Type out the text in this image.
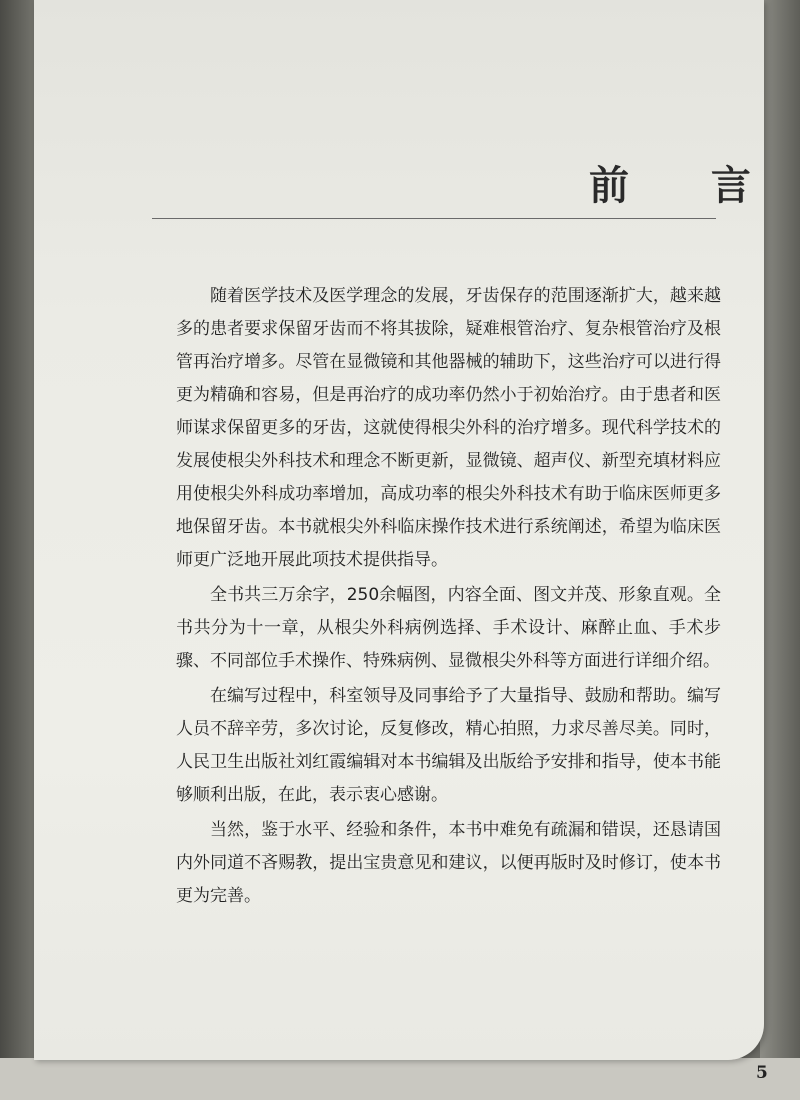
前 言

随着医学技术及医学理念的发展，牙齿保存的范围逐渐扩大，越来越多的患者要求保留牙齿而不将其拔除，疑难根管治疗、复杂根管治疗及根管再治疗增多。尽管在显微镜和其他器械的辅助下，这些治疗可以进行得更为精确和容易，但是再治疗的成功率仍然小于初始治疗。由于患者和医师谋求保留更多的牙齿，这就使得根尖外科的治疗增多。现代科学技术的发展使根尖外科技术和理念不断更新，显微镜、超声仪、新型充填材料应用使根尖外科成功率增加，高成功率的根尖外科技术有助于临床医师更多地保留牙齿。本书就根尖外科临床操作技术进行系统阐述，希望为临床医师更广泛地开展此项技术提供指导。

全书共三万余字，250余幅图，内容全面、图文并茂、形象直观。全书共分为十一章，从根尖外科病例选择、手术设计、麻醉止血、手术步骤、不同部位手术操作、特殊病例、显微根尖外科等方面进行详细介绍。

在编写过程中，科室领导及同事给予了大量指导、鼓励和帮助。编写人员不辞辛劳，多次讨论，反复修改，精心拍照，力求尽善尽美。同时，人民卫生出版社刘红霞编辑对本书编辑及出版给予安排和指导，使本书能够顺利出版，在此，表示衷心感谢。

当然，鉴于水平、经验和条件，本书中难免有疏漏和错误，还恳请国内外同道不吝赐教，提出宝贵意见和建议，以便再版时及时修订，使本书更为完善。

5
